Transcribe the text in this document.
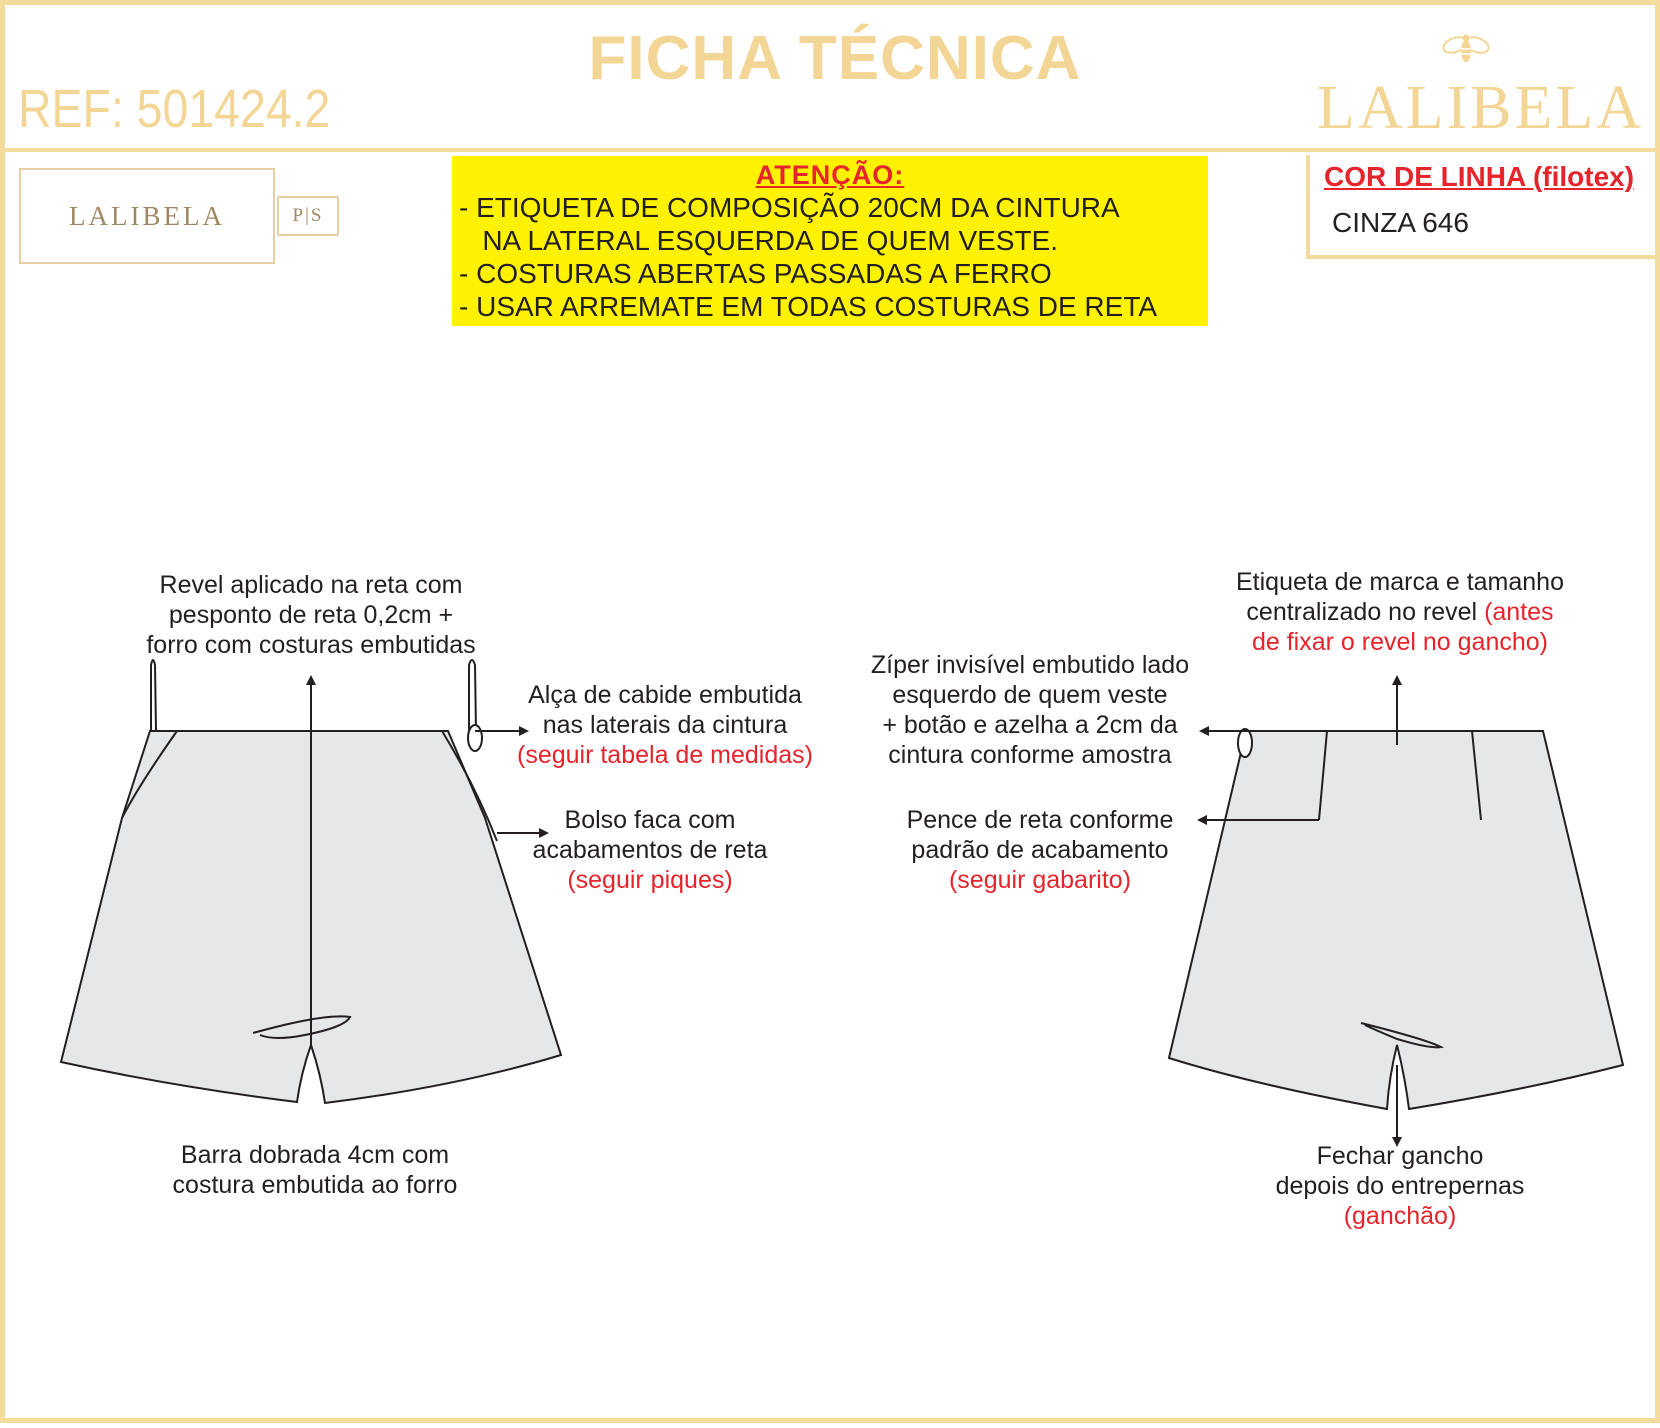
FICHA TÉCNICA
REF: 501424.2	LALIBELA
LALIBELA	P|S
ATENÇÃO:
- ETIQUETA DE COMPOSIÇÃO 20CM DA CINTURA
NA LATERAL ESQUERDA DE QUEM VESTE.
- COSTURAS ABERTAS PASSADAS A FERRO
- USAR ARREMATE EM TODAS COSTURAS DE RETA
COR DE LINHA (filotex)
CINZA 646
Revel aplicado na reta com
pesponto de reta 0,2cm +
forro com costuras embutidas
Alça de cabide embutida
nas laterais da cintura
(seguir tabela de medidas)
Bolso faca com
acabamentos de reta
(seguir piques)
Barra dobrada 4cm com
costura embutida ao forro
Etiqueta de marca e tamanho
centralizado no revel (antes
de fixar o revel no gancho)
Zíper invisível embutido lado
esquerdo de quem veste
+ botão e azelha a 2cm da
cintura conforme amostra
Pence de reta conforme
padrão de acabamento
(seguir gabarito)
Fechar gancho
depois do entrepernas
(ganchão)
